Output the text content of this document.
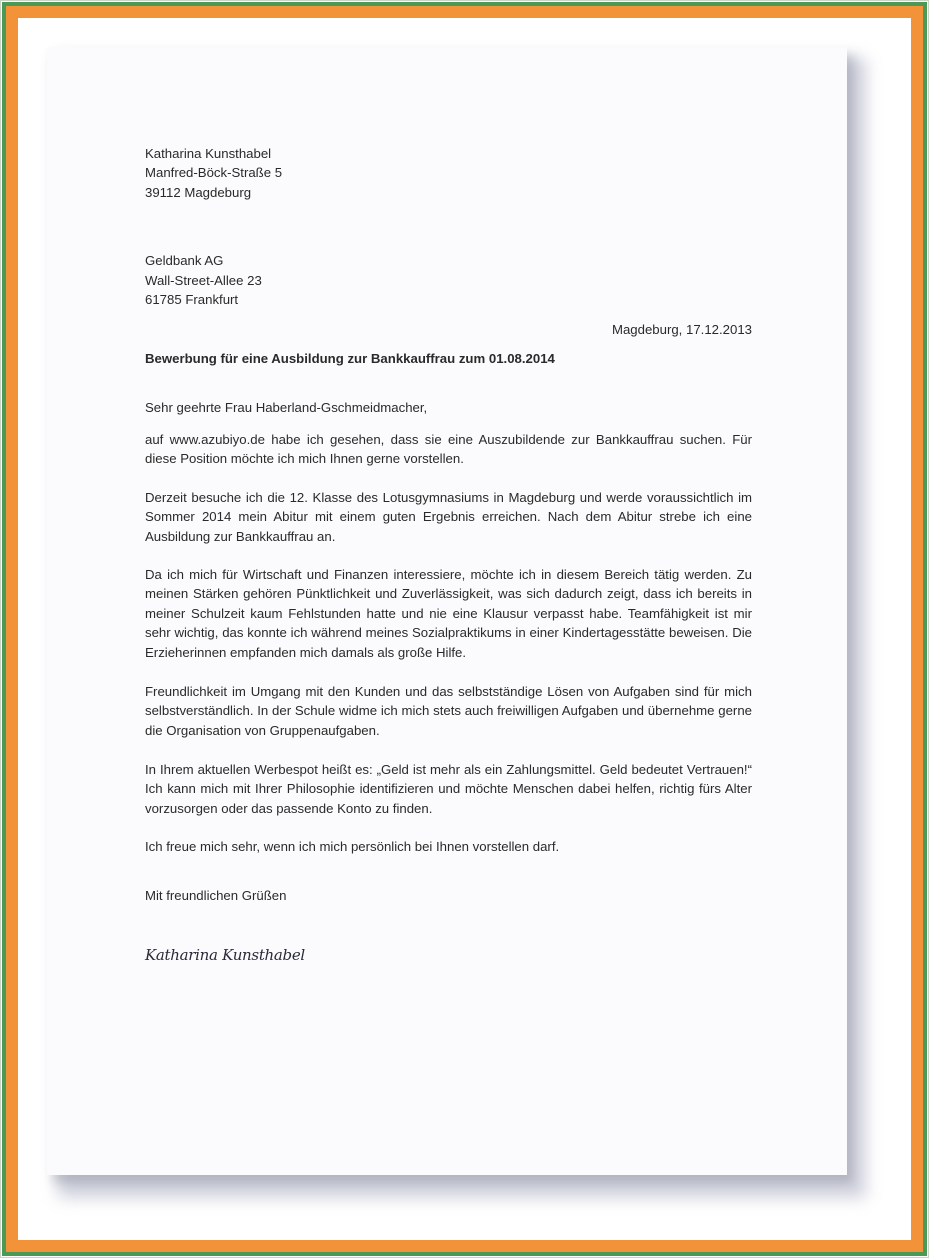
Katharina Kunsthabel
Manfred-Böck-Straße 5
39112 Magdeburg
Geldbank AG
Wall-Street-Allee 23
61785 Frankfurt
Magdeburg, 17.12.2013
Bewerbung für eine Ausbildung zur Bankkauffrau zum 01.08.2014
Sehr geehrte Frau Haberland-Gschmeidmacher,
auf www.azubiyo.de habe ich gesehen, dass sie eine Auszubildende zur Bankkauffrau suchen. Für diese Position möchte ich mich Ihnen gerne vorstellen.
Derzeit besuche ich die 12. Klasse des Lotusgymnasiums in Magdeburg und werde voraussichtlich im Sommer 2014 mein Abitur mit einem guten Ergebnis erreichen. Nach dem Abitur strebe ich eine Ausbildung zur Bankkauffrau an.
Da ich mich für Wirtschaft und Finanzen interessiere, möchte ich in diesem Bereich tätig werden. Zu meinen Stärken gehören Pünktlichkeit und Zuverlässigkeit, was sich dadurch zeigt, dass ich bereits in meiner Schulzeit kaum Fehlstunden hatte und nie eine Klausur verpasst habe. Teamfähigkeit ist mir sehr wichtig, das konnte ich während meines Sozialpraktikums in einer Kindertagesstätte beweisen. Die Erzieherinnen empfanden mich damals als große Hilfe.
Freundlichkeit im Umgang mit den Kunden und das selbstständige Lösen von Aufgaben sind für mich selbstverständlich. In der Schule widme ich mich stets auch freiwilligen Aufgaben und übernehme gerne die Organisation von Gruppenaufgaben.
In Ihrem aktuellen Werbespot heißt es: „Geld ist mehr als ein Zahlungsmittel. Geld bedeutet Vertrauen!“ Ich kann mich mit Ihrer Philosophie identifizieren und möchte Menschen dabei helfen, richtig fürs Alter vorzusorgen oder das passende Konto zu finden.
Ich freue mich sehr, wenn ich mich persönlich bei Ihnen vorstellen darf.
Mit freundlichen Grüßen
Katharina Kunsthabel
